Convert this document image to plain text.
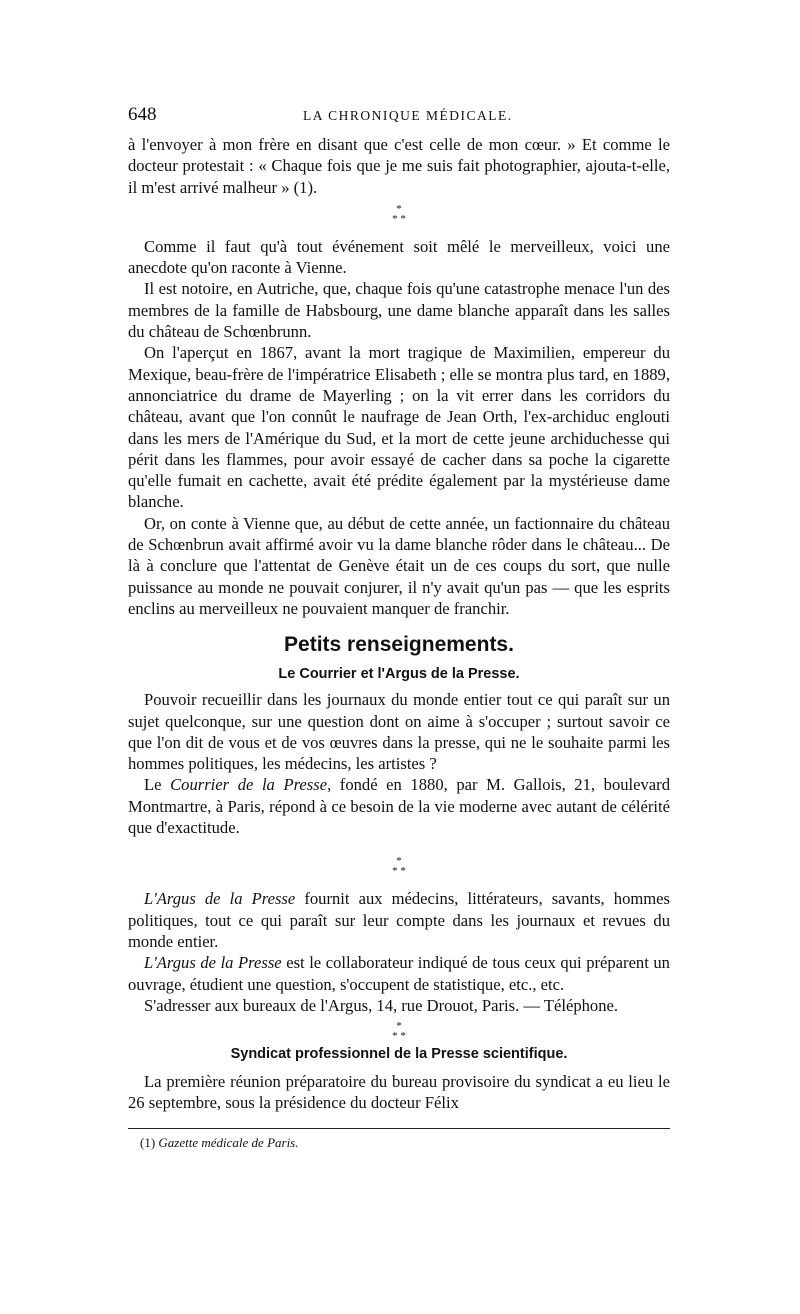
648	LA CHRONIQUE MÉDICALE.

à l'envoyer à mon frère en disant que c'est celle de mon cœur. » Et comme le docteur protestait : « Chaque fois que je me suis fait photographier, ajouta-t-elle, il m'est arrivé malheur » (1).

*
* *

Comme il faut qu'à tout événement soit mêlé le merveilleux, voici une anecdote qu'on raconte à Vienne.

Il est notoire, en Autriche, que, chaque fois qu'une catastrophe menace l'un des membres de la famille de Habsbourg, une dame blanche apparaît dans les salles du château de Schœnbrunn.

On l'aperçut en 1867, avant la mort tragique de Maximilien, empereur du Mexique, beau-frère de l'impératrice Elisabeth ; elle se montra plus tard, en 1889, annonciatrice du drame de Mayerling ; on la vit errer dans les corridors du château, avant que l'on connût le naufrage de Jean Orth, l'ex-archiduc englouti dans les mers de l'Amérique du Sud, et la mort de cette jeune archiduchesse qui périt dans les flammes, pour avoir essayé de cacher dans sa poche la cigarette qu'elle fumait en cachette, avait été prédite également par la mystérieuse dame blanche.

Or, on conte à Vienne que, au début de cette année, un factionnaire du château de Schœnbrun avait affirmé avoir vu la dame blanche rôder dans le château... De là à conclure que l'attentat de Genève était un de ces coups du sort, que nulle puissance au monde ne pouvait conjurer, il n'y avait qu'un pas — que les esprits enclins au merveilleux ne pouvaient manquer de franchir.

Petits renseignements.
Le Courrier et l'Argus de la Presse.

Pouvoir recueillir dans les journaux du monde entier tout ce qui paraît sur un sujet quelconque, sur une question dont on aime à s'occuper ; surtout savoir ce que l'on dit de vous et de vos œuvres dans la presse, qui ne le souhaite parmi les hommes politiques, les médecins, les artistes ?

Le Courrier de la Presse, fondé en 1880, par M. Gallois, 21, boulevard Montmartre, à Paris, répond à ce besoin de la vie moderne avec autant de célérité que d'exactitude.

*
* *

L'Argus de la Presse fournit aux médecins, littérateurs, savants, hommes politiques, tout ce qui paraît sur leur compte dans les journaux et revues du monde entier.

L'Argus de la Presse est le collaborateur indiqué de tous ceux qui préparent un ouvrage, étudient une question, s'occupent de statistique, etc., etc.

S'adresser aux bureaux de l'Argus, 14, rue Drouot, Paris. — Téléphone.

*
* *
Syndicat professionnel de la Presse scientifique.

La première réunion préparatoire du bureau provisoire du syndicat a eu lieu le 26 septembre, sous la présidence du docteur Félix

(1) Gazette médicale de Paris.
